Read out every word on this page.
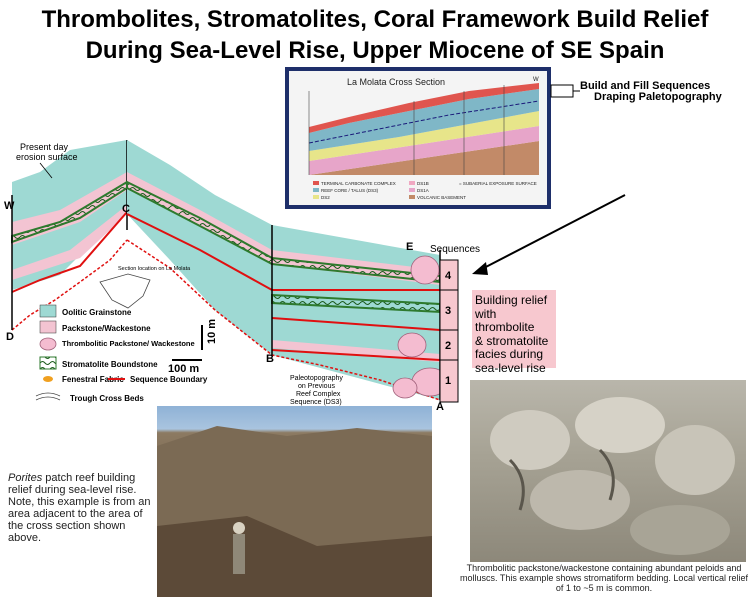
Thrombolites, Stromatolites, Coral Framework Build Relief
During Sea-Level Rise, Upper Miocene of SE Spain
W
TERMINAL CARBONATE COMPLEX
REEF CORE / TALUS (DS3)
DS2
DS1B
DS1A
VOLCANIC BASEMENT
= SUBAERIAL EXPOSURE SURFACE
La Molata Cross Section	Build and Fill Sequences
Draping Paletopography
Present day
erosion surface
W	C
D
E
B
A
Sequences
4
3
2
1
Section location on La Molata
10 m
100 m
Paleotopography
on Previous
Reef Complex
Sequence (DS3)
Oolitic Grainstone
Packstone/Wackestone
Thrombolitic Packstone/ Wackestone
Stromatolite Boundstone
Fenestral Fabric Sequence Boundary
Trough Cross Beds
Building relief
with thrombolite
& stromatolite
facies during
sea-level rise
Porites patch reef building relief during sea-level rise. Note, this example is from an area adjacent to the area of the cross section shown above.
Thrombolitic packstone/wackestone containing abundant peloids and molluscs. This example shows stromatiform bedding. Local vertical relief of 1 to ~5 m is common.
